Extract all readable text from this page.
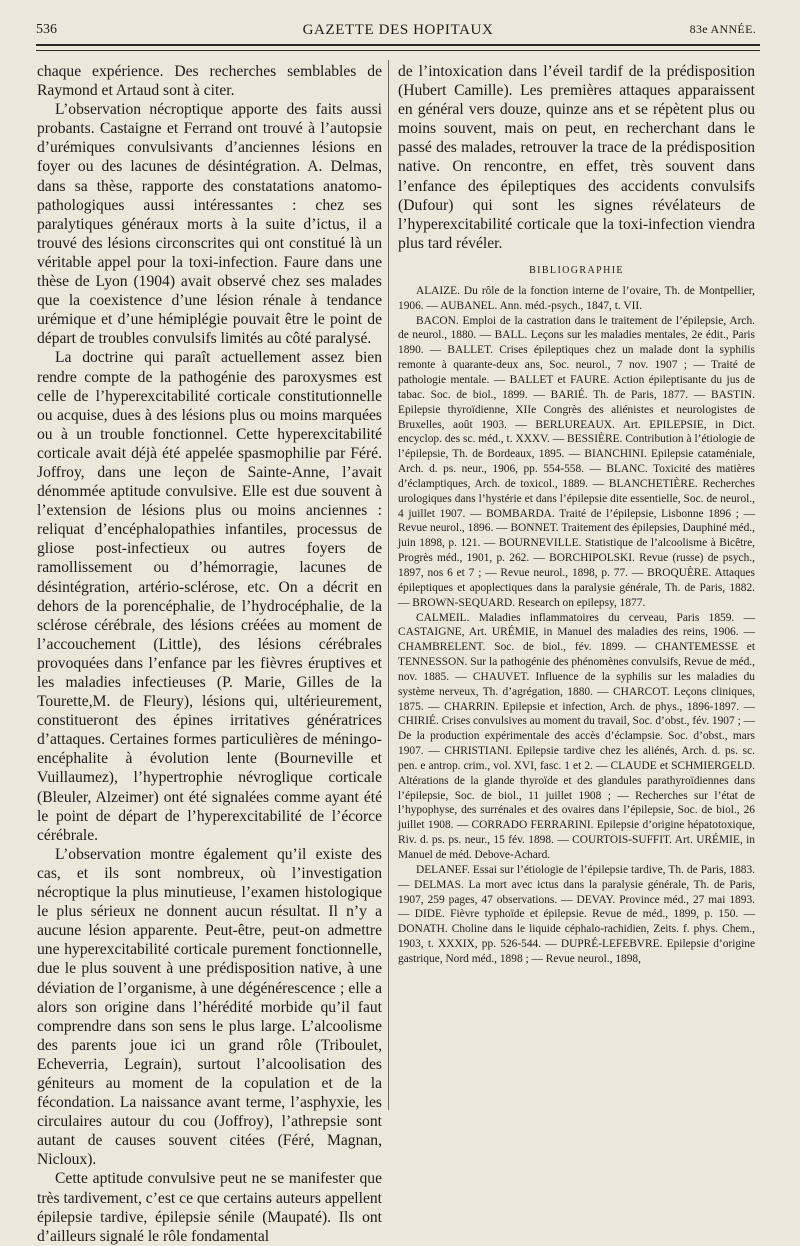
536	GAZETTE DES HOPITAUX	83e ANNÉE.

chaque expérience. Des recherches semblables de Raymond et Artaud sont à citer.

L’observation nécroptique apporte des faits aussi probants. Castaigne et Ferrand ont trouvé à l’autopsie d’urémiques convulsivants d’anciennes lésions en foyer ou des lacunes de désintégration. A. Delmas, dans sa thèse, rapporte des constatations anatomo-pathologiques aussi intéressantes : chez ses paralytiques généraux morts à la suite d’ictus, il a trouvé des lésions circonscrites qui ont constitué là un véritable appel pour la toxi-infection. Faure dans une thèse de Lyon (1904) avait observé chez ses malades que la coexistence d’une lésion rénale à tendance urémique et d’une hémiplégie pouvait être le point de départ de troubles convulsifs limités au côté paralysé.

La doctrine qui paraît actuellement assez bien rendre compte de la pathogénie des paroxysmes est celle de l’hyperexcitabilité corticale constitutionnelle ou acquise, dues à des lésions plus ou moins marquées ou à un trouble fonctionnel. Cette hyperexcitabilité corticale avait déjà été appelée spasmophilie par Féré. Joffroy, dans une leçon de Sainte-Anne, l’avait dénommée aptitude convulsive. Elle est due souvent à l’extension de lésions plus ou moins anciennes : reliquat d’encéphalopathies infantiles, processus de gliose post-infectieux ou autres foyers de ramollissement ou d’hémorragie, lacunes de désintégration, artério-sclérose, etc. On a décrit en dehors de la porencéphalie, de l’hydrocéphalie, de la sclérose cérébrale, des lésions créées au moment de l’accouchement (Little), des lésions cérébrales provoquées dans l’enfance par les fièvres éruptives et les maladies infectieuses (P. Marie, Gilles de la Tourette,M. de Fleury), lésions qui, ultérieurement, constitueront des épines irritatives génératrices d’attaques. Certaines formes particulières de méningo-encéphalite à évolution lente (Bourneville et Vuillaumez), l’hypertrophie névroglique corticale (Bleuler, Alzeimer) ont été signalées comme ayant été le point de départ de l’hyperexcitabilité de l’écorce cérébrale.

L’observation montre également qu’il existe des cas, et ils sont nombreux, où l’investigation nécroptique la plus minutieuse, l’examen histologique le plus sérieux ne donnent aucun résultat. Il n’y a aucune lésion apparente. Peut-être, peut-on admettre une hyperexcitabilité corticale purement fonctionnelle, due le plus souvent à une prédisposition native, à une déviation de l’organisme, à une dégénérescence ; elle a alors son origine dans l’hérédité morbide qu’il faut comprendre dans son sens le plus large. L’alcoolisme des parents joue ici un grand rôle (Triboulet, Echeverria, Legrain), surtout l’alcoolisation des géniteurs au moment de la copulation et de la fécondation. La naissance avant terme, l’asphyxie, les circulaires autour du cou (Joffroy), l’athrepsie sont autant de causes souvent citées (Féré, Magnan, Nicloux).

Cette aptitude convulsive peut ne se manifester que très tardivement, c’est ce que certains auteurs appellent épilepsie tardive, épilepsie sénile (Maupaté). Ils ont d’ailleurs signalé le rôle fondamental

de l’intoxication dans l’éveil tardif de la prédisposition (Hubert Camille). Les premières attaques apparaissent en général vers douze, quinze ans et se répètent plus ou moins souvent, mais on peut, en recherchant dans le passé des malades, retrouver la trace de la prédisposition native. On rencontre, en effet, très souvent dans l’enfance des épileptiques des accidents convulsifs (Dufour) qui sont les signes révélateurs de l’hyperexcitabilité corticale que la toxi-infection viendra plus tard révéler.

BIBLIOGRAPHIE

ALAIZE. Du rôle de la fonction interne de l’ovaire, Th. de Montpellier, 1906. — AUBANEL. Ann. méd.-psych., 1847, t. VII.

BACON. Emploi de la castration dans le traitement de l’épilepsie, Arch. de neurol., 1880. — BALL. Leçons sur les maladies mentales, 2e édit., Paris 1890. — BALLET. Crises épileptiques chez un malade dont la syphilis remonte à quarante-deux ans, Soc. neurol., 7 nov. 1907 ; — Traité de pathologie mentale. — BALLET et FAURE. Action épileptisante du jus de tabac. Soc. de biol., 1899. — BARIÉ. Th. de Paris, 1877. — BASTIN. Epilepsie thyroïdienne, XIIe Congrès des aliénistes et neurologistes de Bruxelles, août 1903. — BERLUREAUX. Art. EPILEPSIE, in Dict. encyclop. des sc. méd., t. XXXV. — BESSIÈRE. Contribution à l’étiologie de l’épilepsie, Th. de Bordeaux, 1895. — BIANCHINI. Epilepsie cataméniale, Arch. d. ps. neur., 1906, pp. 554-558. — BLANC. Toxicité des matières d’éclamptiques, Arch. de toxicol., 1889. — BLANCHETIÈRE. Recherches urologiques dans l’hystérie et dans l’épilepsie dite essentielle, Soc. de neurol., 4 juillet 1907. — BOMBARDA. Traité de l’épilepsie, Lisbonne 1896 ; — Revue neurol., 1896. — BONNET. Traitement des épilepsies, Dauphiné méd., juin 1898, p. 121. — BOURNEVILLE. Statistique de l’alcoolisme à Bicêtre, Progrès méd., 1901, p. 262. — BORCHIPOLSKI. Revue (russe) de psych., 1897, nos 6 et 7 ; — Revue neurol., 1898, p. 77. — BROQUÈRE. Attaques épileptiques et apoplectiques dans la paralysie générale, Th. de Paris, 1882. — BROWN-SEQUARD. Research on epilepsy, 1877.

CALMEIL. Maladies inflammatoires du cerveau, Paris 1859. — CASTAIGNE, Art. URÉMIE, in Manuel des maladies des reins, 1906. — CHAMBRELENT. Soc. de biol., fév. 1899. — CHANTEMESSE et TENNESSON. Sur la pathogénie des phénomènes convulsifs, Revue de méd., nov. 1885. — CHAUVET. Influence de la syphilis sur les maladies du système nerveux, Th. d’agrégation, 1880. — CHARCOT. Leçons cliniques, 1875. — CHARRIN. Epilepsie et infection, Arch. de phys., 1896-1897. — CHIRIÉ. Crises convulsives au moment du travail, Soc. d’obst., fév. 1907 ; — De la production expérimentale des accès d’éclampsie. Soc. d’obst., mars 1907. — CHRISTIANI. Epilepsie tardive chez les aliénés, Arch. d. ps. sc. pen. e antrop. crim., vol. XVI, fasc. 1 et 2. — CLAUDE et SCHMIERGELD. Altérations de la glande thyroïde et des glandules parathyroïdiennes dans l’épilepsie, Soc. de biol., 11 juillet 1908 ; — Recherches sur l’état de l’hypophyse, des surrénales et des ovaires dans l’épilepsie, Soc. de biol., 26 juillet 1908. — CORRADO FERRARINI. Epilepsie d’origine hépatotoxique, Riv. d. ps. ps. neur., 15 fév. 1898. — COURTOIS-SUFFIT. Art. URÉMIE, in Manuel de méd. Debove-Achard.

DELANEF. Essai sur l’étiologie de l’épilepsie tardive, Th. de Paris, 1883. — DELMAS. La mort avec ictus dans la paralysie générale, Th. de Paris, 1907, 259 pages, 47 observations. — DEVAY. Province méd., 27 mai 1893. — DIDE. Fièvre typhoïde et épilepsie. Revue de méd., 1899, p. 150. — DONATH. Choline dans le liquide céphalo-rachidien, Zeits. f. phys. Chem., 1903, t. XXXIX, pp. 526-544. — DUPRÉ-LEFEBVRE. Epilepsie d’origine gastrique, Nord méd., 1898 ; — Revue neurol., 1898,
